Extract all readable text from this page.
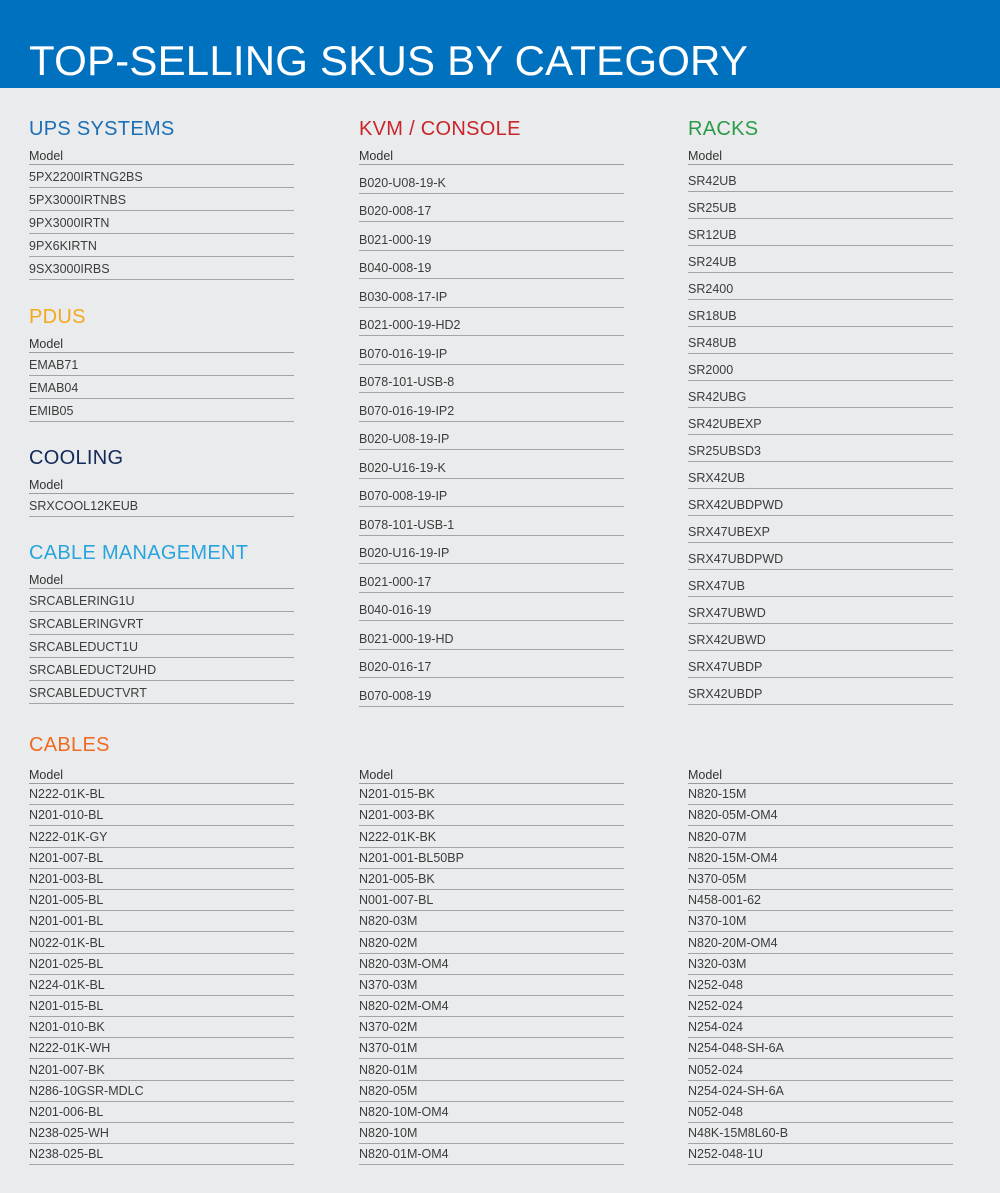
TOP-SELLING SKUS BY CATEGORY
UPS SYSTEMS
Model
5PX2200IRTNG2BS
5PX3000IRTNBS
9PX3000IRTN
9PX6KIRTN
9SX3000IRBS
PDUS
Model
EMAB71
EMAB04
EMIB05
COOLING
Model
SRXCOOL12KEUB
CABLE MANAGEMENT
Model
SRCABLERING1U
SRCABLERINGVRT
SRCABLEDUCT1U
SRCABLEDUCT2UHD
SRCABLEDUCTVRT
KVM / CONSOLE
Model
B020-U08-19-K
B020-008-17
B021-000-19
B040-008-19
B030-008-17-IP
B021-000-19-HD2
B070-016-19-IP
B078-101-USB-8
B070-016-19-IP2
B020-U08-19-IP
B020-U16-19-K
B070-008-19-IP
B078-101-USB-1
B020-U16-19-IP
B021-000-17
B040-016-19
B021-000-19-HD
B020-016-17
B070-008-19
RACKS
Model
SR42UB
SR25UB
SR12UB
SR24UB
SR2400
SR18UB
SR48UB
SR2000
SR42UBG
SR42UBEXP
SR25UBSD3
SRX42UB
SRX42UBDPWD
SRX47UBEXP
SRX47UBDPWD
SRX47UB
SRX47UBWD
SRX42UBWD
SRX47UBDP
SRX42UBDP
CABLES
Model
N222-01K-BL
N201-010-BL
N222-01K-GY
N201-007-BL
N201-003-BL
N201-005-BL
N201-001-BL
N022-01K-BL
N201-025-BL
N224-01K-BL
N201-015-BL
N201-010-BK
N222-01K-WH
N201-007-BK
N286-10GSR-MDLC
N201-006-BL
N238-025-WH
N238-025-BL
Model
N201-015-BK
N201-003-BK
N222-01K-BK
N201-001-BL50BP
N201-005-BK
N001-007-BL
N820-03M
N820-02M
N820-03M-OM4
N370-03M
N820-02M-OM4
N370-02M
N370-01M
N820-01M
N820-05M
N820-10M-OM4
N820-10M
N820-01M-OM4
Model
N820-15M
N820-05M-OM4
N820-07M
N820-15M-OM4
N370-05M
N458-001-62
N370-10M
N820-20M-OM4
N320-03M
N252-048
N252-024
N254-024
N254-048-SH-6A
N052-024
N254-024-SH-6A
N052-048
N48K-15M8L60-B
N252-048-1U
